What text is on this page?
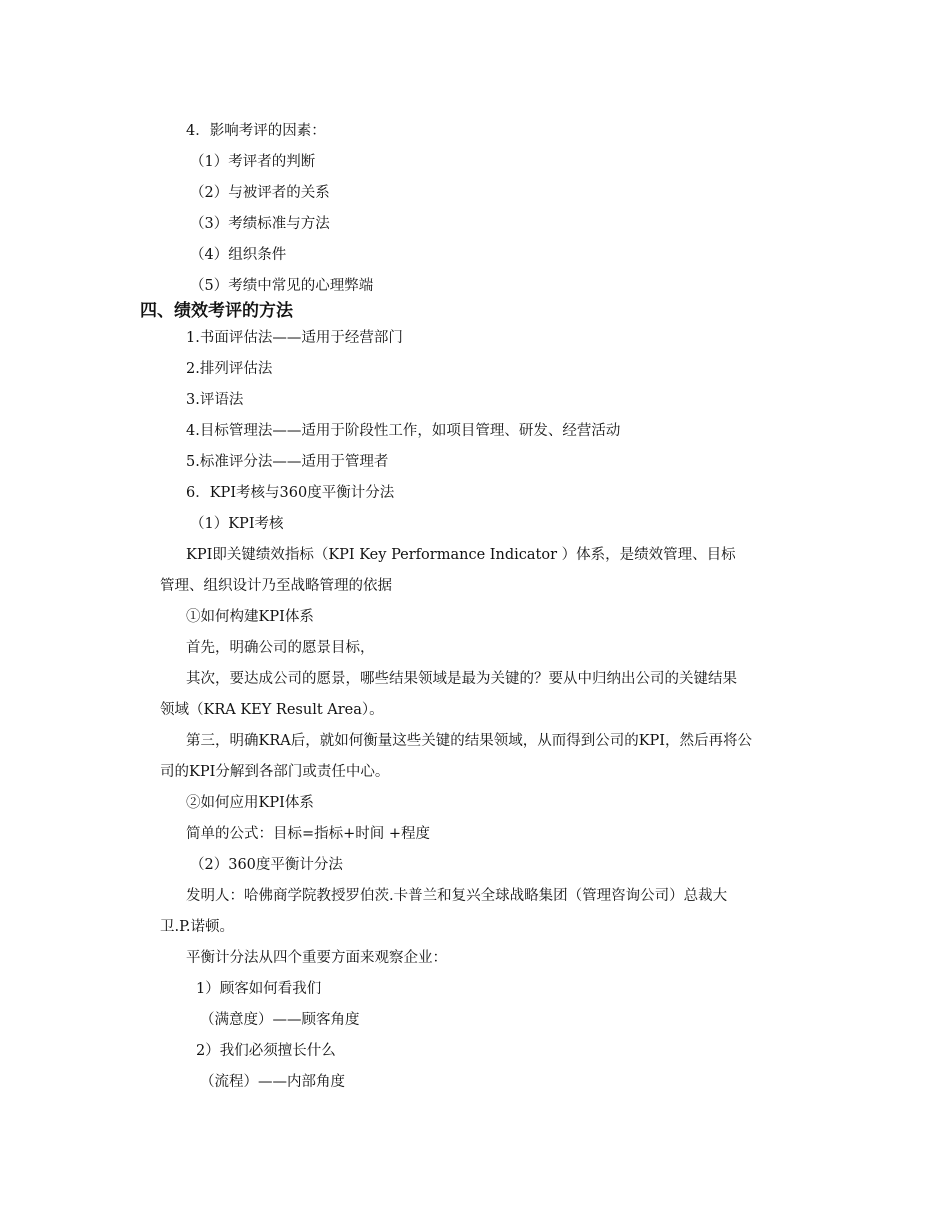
4．影响考评的因素：
（1）考评者的判断
（2）与被评者的关系
（3）考绩标准与方法
（4）组织条件
（5）考绩中常见的心理弊端
四、绩效考评的方法
1.书面评估法——适用于经营部门
2.排列评估法
3.评语法
4.目标管理法——适用于阶段性工作，如项目管理、研发、经营活动
5.标准评分法——适用于管理者
6．KPI考核与360度平衡计分法
（1）KPI考核
KPI即关键绩效指标（KPI Key Performance Indicator ）体系，是绩效管理、目标
管理、组织设计乃至战略管理的依据
①如何构建KPI体系
首先，明确公司的愿景目标，
其次，要达成公司的愿景，哪些结果领域是最为关键的？要从中归纳出公司的关键结果
领域（KRA KEY Result Area）。
第三，明确KRA后，就如何衡量这些关键的结果领域，从而得到公司的KPI，然后再将公
司的KPI分解到各部门或责任中心。
②如何应用KPI体系
简单的公式：目标=指标+时间 +程度
（2）360度平衡计分法
发明人：哈佛商学院教授罗伯茨.卡普兰和复兴全球战略集团（管理咨询公司）总裁大
卫.P.诺顿。
平衡计分法从四个重要方面来观察企业：
1）顾客如何看我们
（满意度）——顾客角度
2）我们必须擅长什么
（流程）——内部角度
